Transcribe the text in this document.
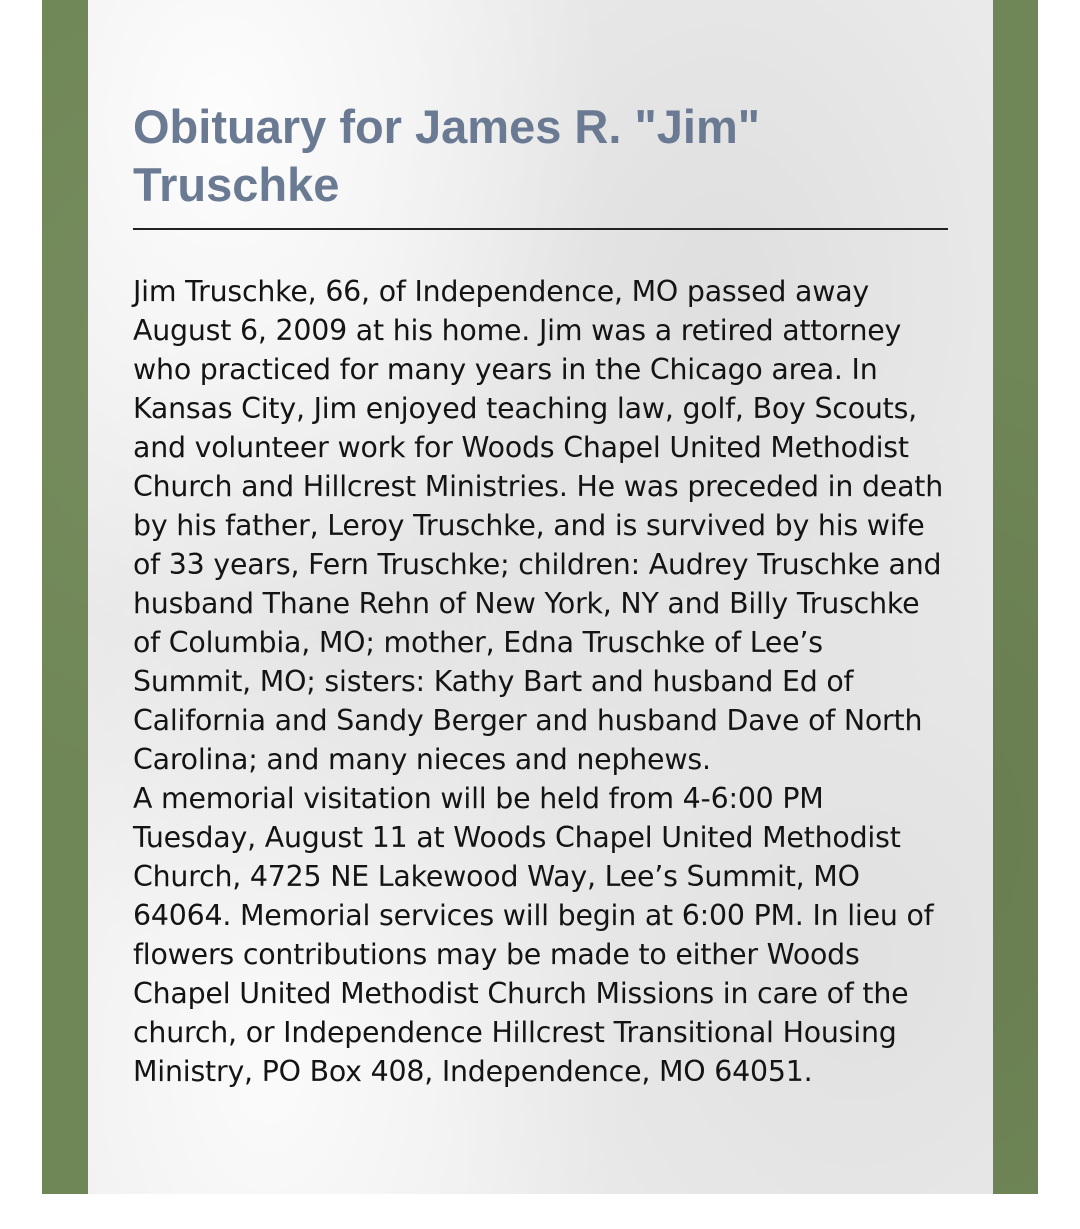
Obituary for James R. "Jim" Truschke

Jim Truschke, 66, of Independence, MO passed away August 6, 2009 at his home. Jim was a retired attorney who practiced for many years in the Chicago area. In Kansas City, Jim enjoyed teaching law, golf, Boy Scouts, and volunteer work for Woods Chapel United Methodist Church and Hillcrest Ministries. He was preceded in death by his father, Leroy Truschke, and is survived by his wife of 33 years, Fern Truschke; children: Audrey Truschke and husband Thane Rehn of New York, NY and Billy Truschke of Columbia, MO; mother, Edna Truschke of Lee’s Summit, MO; sisters: Kathy Bart and husband Ed of California and Sandy Berger and husband Dave of North Carolina; and many nieces and nephews.

A memorial visitation will be held from 4-6:00 PM Tuesday, August 11 at Woods Chapel United Methodist Church, 4725 NE Lakewood Way, Lee’s Summit, MO 64064. Memorial services will begin at 6:00 PM. In lieu of flowers contributions may be made to either Woods Chapel United Methodist Church Missions in care of the church, or Independence Hillcrest Transitional Housing Ministry, PO Box 408, Independence, MO 64051.
